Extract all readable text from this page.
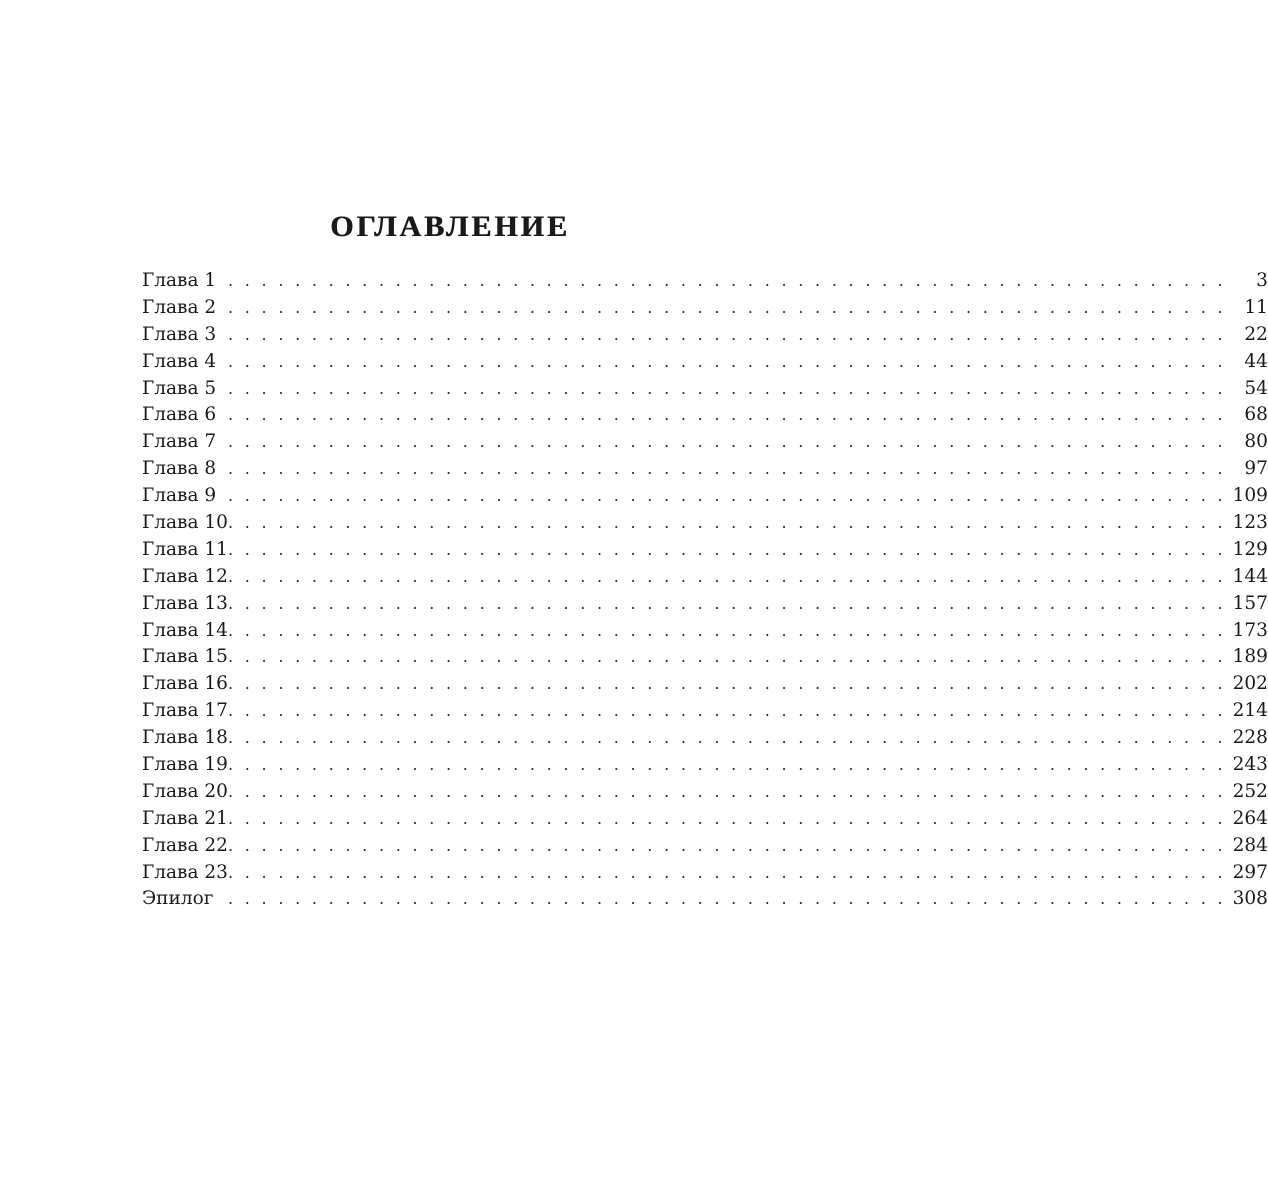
ОГЛАВЛЕНИЕ
Глава 1 . . . . . . . . . . . . . . . . . . . . . . . . . . . . . . . . . . . . . . . . . . . . . . . . . . . . . . . . . . . .	3
Глава 2 . . . . . . . . . . . . . . . . . . . . . . . . . . . . . . . . . . . . . . . . . . . . . . . . . . . . . . . . . . . . 11
Глава 3 . . . . . . . . . . . . . . . . . . . . . . . . . . . . . . . . . . . . . . . . . . . . . . . . . . . . . . . . . . . . 22
Глава 4 . . . . . . . . . . . . . . . . . . . . . . . . . . . . . . . . . . . . . . . . . . . . . . . . . . . . . . . . . . . . 44
Глава 5 . . . . . . . . . . . . . . . . . . . . . . . . . . . . . . . . . . . . . . . . . . . . . . . . . . . . . . . . . . . . 54
Глава 6 . . . . . . . . . . . . . . . . . . . . . . . . . . . . . . . . . . . . . . . . . . . . . . . . . . . . . . . . . . . . 68
Глава 7 . . . . . . . . . . . . . . . . . . . . . . . . . . . . . . . . . . . . . . . . . . . . . . . . . . . . . . . . . . . . 80
Глава 8 . . . . . . . . . . . . . . . . . . . . . . . . . . . . . . . . . . . . . . . . . . . . . . . . . . . . . . . . . . . . 97
Глава 9 . . . . . . . . . . . . . . . . . . . . . . . . . . . . . . . . . . . . . . . . . . . . . . . . . . . . . . . . . . . . 109
Глава 10 . . . . . . . . . . . . . . . . . . . . . . . . . . . . . . . . . . . . . . . . . . . . . . . . . . . . . . . . . . . . 123
Глава 11 . . . . . . . . . . . . . . . . . . . . . . . . . . . . . . . . . . . . . . . . . . . . . . . . . . . . . . . . . . . . 129
Глава 12 . . . . . . . . . . . . . . . . . . . . . . . . . . . . . . . . . . . . . . . . . . . . . . . . . . . . . . . . . . . . 144
Глава 13 . . . . . . . . . . . . . . . . . . . . . . . . . . . . . . . . . . . . . . . . . . . . . . . . . . . . . . . . . . . . 157
Глава 14 . . . . . . . . . . . . . . . . . . . . . . . . . . . . . . . . . . . . . . . . . . . . . . . . . . . . . . . . . . . . 173
Глава 15 . . . . . . . . . . . . . . . . . . . . . . . . . . . . . . . . . . . . . . . . . . . . . . . . . . . . . . . . . . . . 189
Глава 16 . . . . . . . . . . . . . . . . . . . . . . . . . . . . . . . . . . . . . . . . . . . . . . . . . . . . . . . . . . . . 202
Глава 17 . . . . . . . . . . . . . . . . . . . . . . . . . . . . . . . . . . . . . . . . . . . . . . . . . . . . . . . . . . . . 214
Глава 18 . . . . . . . . . . . . . . . . . . . . . . . . . . . . . . . . . . . . . . . . . . . . . . . . . . . . . . . . . . . . 228
Глава 19 . . . . . . . . . . . . . . . . . . . . . . . . . . . . . . . . . . . . . . . . . . . . . . . . . . . . . . . . . . . . 243
Глава 20 . . . . . . . . . . . . . . . . . . . . . . . . . . . . . . . . . . . . . . . . . . . . . . . . . . . . . . . . . . . . 252
Глава 21 . . . . . . . . . . . . . . . . . . . . . . . . . . . . . . . . . . . . . . . . . . . . . . . . . . . . . . . . . . . . 264
Глава 22 . . . . . . . . . . . . . . . . . . . . . . . . . . . . . . . . . . . . . . . . . . . . . . . . . . . . . . . . . . . . 284
Глава 23 . . . . . . . . . . . . . . . . . . . . . . . . . . . . . . . . . . . . . . . . . . . . . . . . . . . . . . . . . . . . 297
Эпилог . . . . . . . . . . . . . . . . . . . . . . . . . . . . . . . . . . . . . . . . . . . . . . . . . . . . . . . . . . . . 308
